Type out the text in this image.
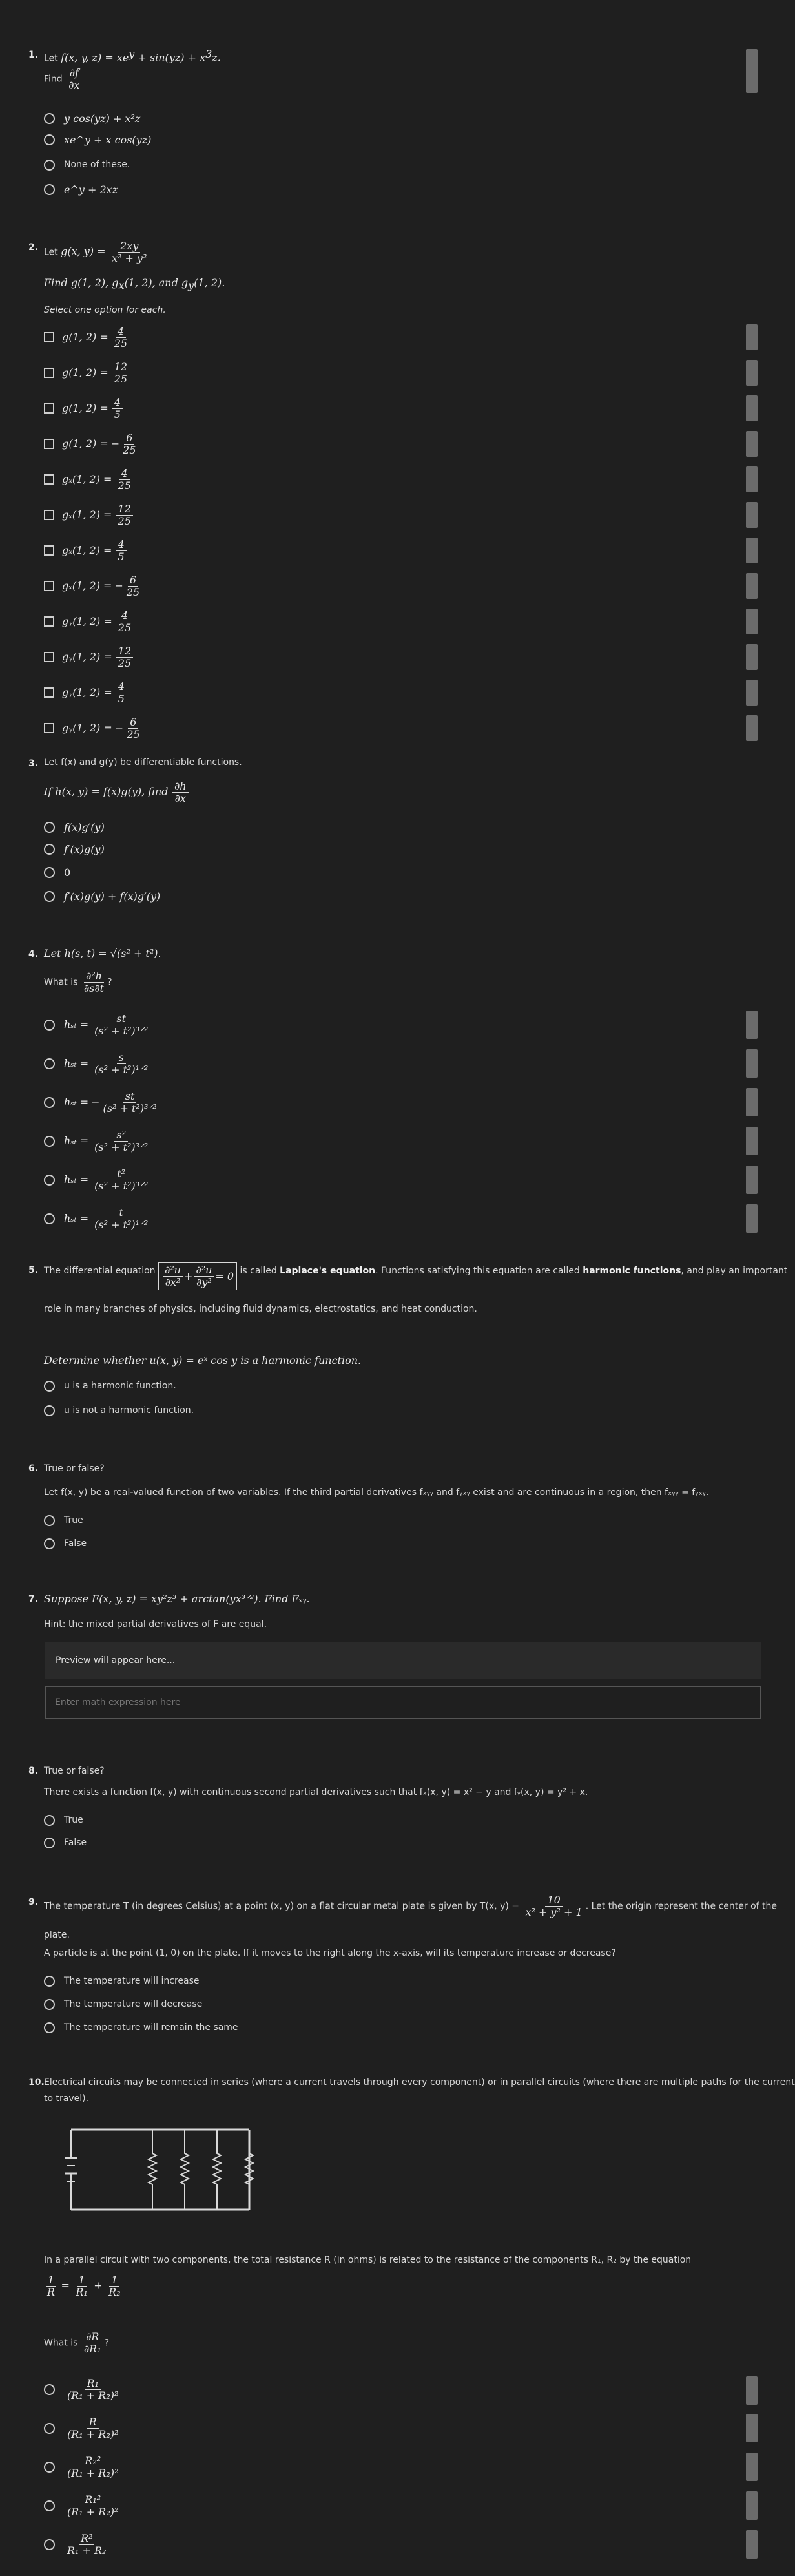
1. Let f(x, y, $z) = xe^y + \sin(yz) + x^3z$.
Find $\frac{\partial f}{\partial x}$
y cos(yz) + x²z
xe^y + x cos(yz)
None of these.
e^y + 2xz
2. Let g(x, $y) = \frac{2xy}{\text{x² + y²}}$
Find g(1, 2), $g_x(1$, 2), and $g_y(1$, 2).
Select one option for each.
g(1, $2) = \frac{4}{25}$
g(1, $2) = \frac{12}{25}$
g(1, $2) = \frac{4}{5}$
g(1, 2) = − $\frac{6}{25}$
gₓ(1, $2) = \frac{4}{25}$
gₓ(1, $2) = \frac{12}{25}$
gₓ(1, $2) = \frac{4}{5}$
gₓ(1, 2) = − $\frac{6}{25}$
gᵧ(1, $2) = \frac{4}{25}$
gᵧ(1, $2) = \frac{12}{25}$
gᵧ(1, $2) = \frac{4}{5}$
gᵧ(1, 2) = − $\frac{6}{25}$
3. Let f(x) and g(y) be differentiable functions.
If h(x, y) = f(x)g(y), find $\frac{\partial h}{\partial x}$
f(x)g′(y)
f′(x)g(y)
0
f′(x)g(y) + f(x)g′(y)
4. Let h(s, t) = √(s² + t²).
What is $\frac{\text{∂²h}}{\partial s\partial t}$ ?
$h_{st} = \frac{st}{\text{(s² + t²)³ᐟ²}}$
$h_{st} = \frac{s}{\text{(s² + t²)¹ᐟ²}}$
hₛₜ = − $\frac{st}{\text{(s² + t²)³ᐟ²}}$
$h_{st} = \frac{\text{s²}}{\text{(s² + t²)³ᐟ²}}$
$h_{st} = \frac{\text{t²}}{\text{(s² + t²)³ᐟ²}}$
$h_{st} = \frac{t}{\text{(s² + t²)¹ᐟ²}}$
5. The differential equation $\frac{\text{∂²u}}{\text{∂x²}} + \frac{\text{∂²u}}{\text{∂y²}} = 0$ is called Laplace's equation. Functions satisfying this equation are called harmonic functions, and play an important
role in many branches of physics, including fluid dynamics, electrostatics, and heat conduction.
Determine whether u(x, y) = eˣ cos y is a harmonic function.
u is a harmonic function.
u is not a harmonic function.
6. True or false?
Let f(x, y) be a real-valued function of two variables. If the third partial derivatives fₓᵧᵧ and fᵧₓᵧ exist and are continuous in a region, then fₓᵧᵧ = fᵧₓᵧ.
True
False
7. Suppose F(x, y, z) = xy²z³ + arctan(yx³ᐟ²). Find Fₓᵧ.
Hint: the mixed partial derivatives of F are equal.
Preview will appear here...
Enter math expression here
8. True or false?
There exists a function f(x, y) with continuous second partial derivatives such that fₓ(x, y) = x² − y and fᵧ(x, y) = y² + x.
True
False
9. The temperature T (in degrees Celsius) at a point (x, y) on a flat circular metal plate is given by T(x, $y) = \frac{10}{\text{x² + y² + 1}}$ . Let the origin represent the center of the
plate.
A particle is at the point (1, 0) on the plate. If it moves to the right along the x-axis, will its temperature increase or decrease?
The temperature will increase
The temperature will decrease
The temperature will remain the same
10. Electrical circuits may be connected in series (where a current travels through every component) or in parallel circuits (where there are multiple paths for the current
to travel).
In a parallel circuit with two components, the total resistance R (in ohms) is related to the resistance of the components R₁, R₂ by the equation
$\frac{1}{R} = \frac{1}{\text{R₁}} + \frac{1}{\text{R₂}}$
What is $\frac{\partial R}{\text{∂R₁}}$ ?
$\frac{\text{R₁}}{\text{(R₁ + R₂)²}}$
$\frac{R}{\text{(R₁ + R₂)²}}$
$\frac{\text{R₂²}}{\text{(R₁ + R₂)²}}$
$\frac{\text{R₁²}}{\text{(R₁ + R₂)²}}$
$\frac{\text{R²}}{\text{R₁ + R₂}}$
